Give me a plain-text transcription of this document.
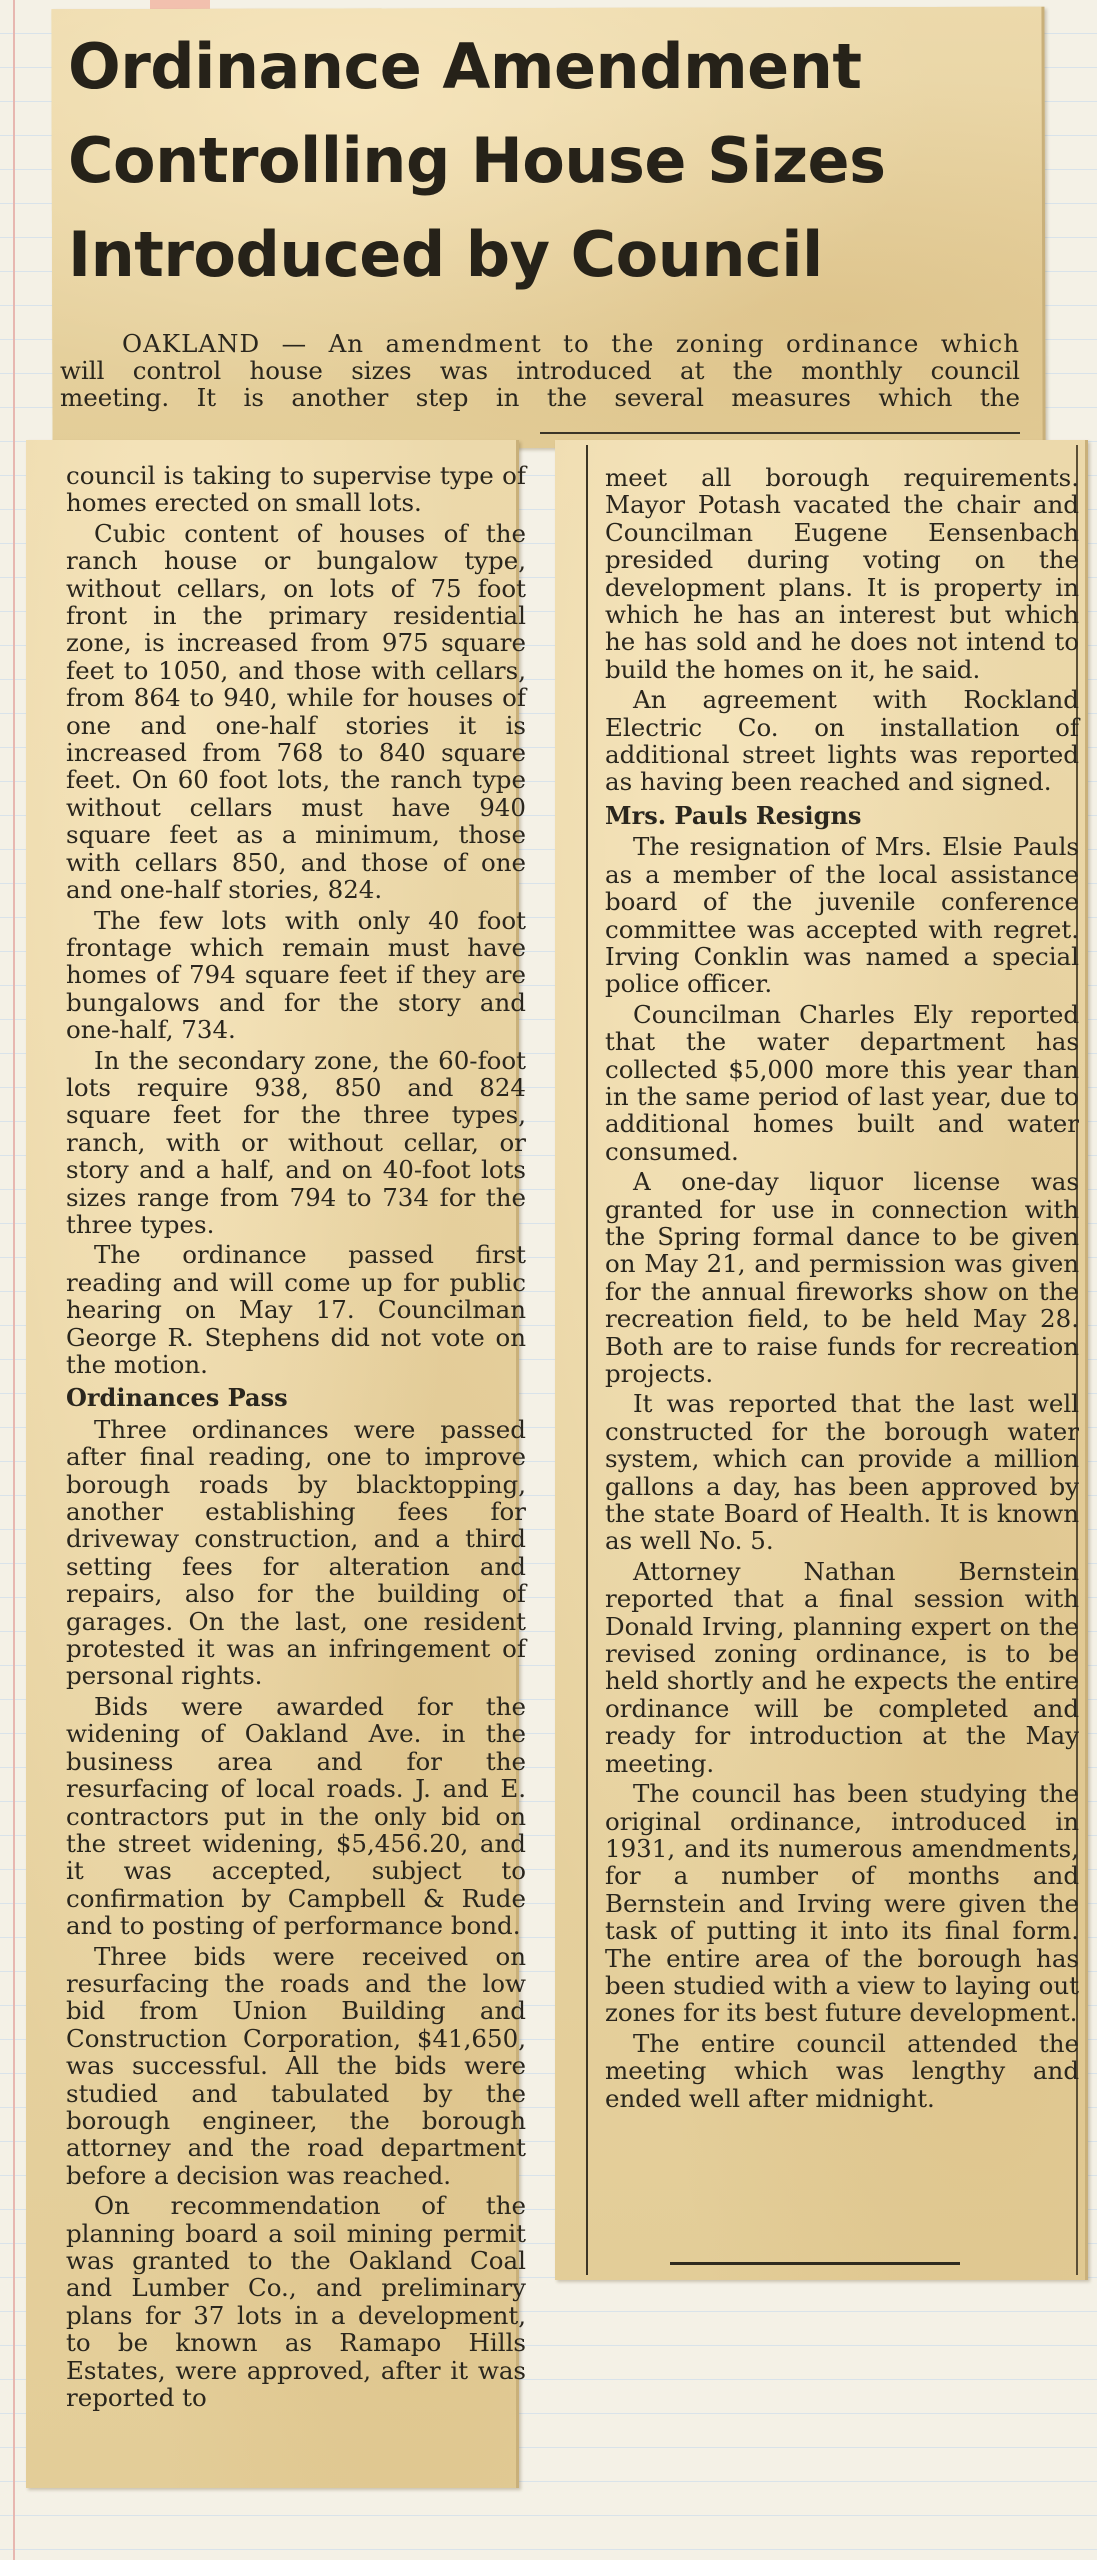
Ordinance Amendment
Controlling House Sizes
Introduced by Council
OAKLAND — An amendment to the zoning ordinance which
will control house sizes was introduced at the monthly council
meeting. It is another step in the several measures which the

council is taking to supervise type of homes erected on small lots.

Cubic content of houses of the ranch house or bungalow type, without cellars, on lots of 75 foot front in the primary residential zone, is increased from 975 square feet to 1050, and those with cellars, from 864 to 940, while for houses of one and one-half stories it is increased from 768 to 840 square feet. On 60 foot lots, the ranch type without cellars must have 940 square feet as a minimum, those with cellars 850, and those of one and one-half stories, 824.

The few lots with only 40 foot frontage which remain must have homes of 794 square feet if they are bungalows and for the story and one-half, 734.

In the secondary zone, the 60-foot lots require 938, 850 and 824 square feet for the three types, ranch, with or without cellar, or story and a half, and on 40-foot lots sizes range from 794 to 734 for the three types.

The ordinance passed first reading and will come up for public hearing on May 17. Councilman George R. Stephens did not vote on the motion.

Ordinances Pass

Three ordinances were passed after final reading, one to improve borough roads by blacktopping, another establishing fees for driveway construction, and a third setting fees for alteration and repairs, also for the building of garages. On the last, one resident protested it was an infringement of personal rights.

Bids were awarded for the widening of Oakland Ave. in the business area and for the resurfacing of local roads. J. and E. contractors put in the only bid on the street widening, $5,456.20, and it was accepted, subject to confirmation by Campbell & Rude and to posting of performance bond.

Three bids were received on resurfacing the roads and the low bid from Union Building and Construction Corporation, $41,650, was successful. All the bids were studied and tabulated by the borough engineer, the borough attorney and the road department before a decision was reached.

On recommendation of the planning board a soil mining permit was granted to the Oakland Coal and Lumber Co., and preliminary plans for 37 lots in a development, to be known as Ramapo Hills Estates, were approved, after it was reported to

meet all borough requirements. Mayor Potash vacated the chair and Councilman Eugene Eensenbach presided during voting on the development plans. It is property in which he has an interest but which he has sold and he does not intend to build the homes on it, he said.

An agreement with Rockland Electric Co. on installation of additional street lights was reported as having been reached and signed.

Mrs. Pauls Resigns

The resignation of Mrs. Elsie Pauls as a member of the local assistance board of the juvenile conference committee was accepted with regret. Irving Conklin was named a special police officer.

Councilman Charles Ely reported that the water department has collected $5,000 more this year than in the same period of last year, due to additional homes built and water consumed.

A one-day liquor license was granted for use in connection with the Spring formal dance to be given on May 21, and permission was given for the annual fireworks show on the recreation field, to be held May 28. Both are to raise funds for recreation projects.

It was reported that the last well constructed for the borough water system, which can provide a million gallons a day, has been approved by the state Board of Health. It is known as well No. 5.

Attorney Nathan Bernstein reported that a final session with Donald Irving, planning expert on the revised zoning ordinance, is to be held shortly and he expects the entire ordinance will be completed and ready for introduction at the May meeting.

The council has been studying the original ordinance, introduced in 1931, and its numerous amendments, for a number of months and Bernstein and Irving were given the task of putting it into its final form. The entire area of the borough has been studied with a view to laying out zones for its best future development.

The entire council attended the meeting which was lengthy and ended well after midnight.
